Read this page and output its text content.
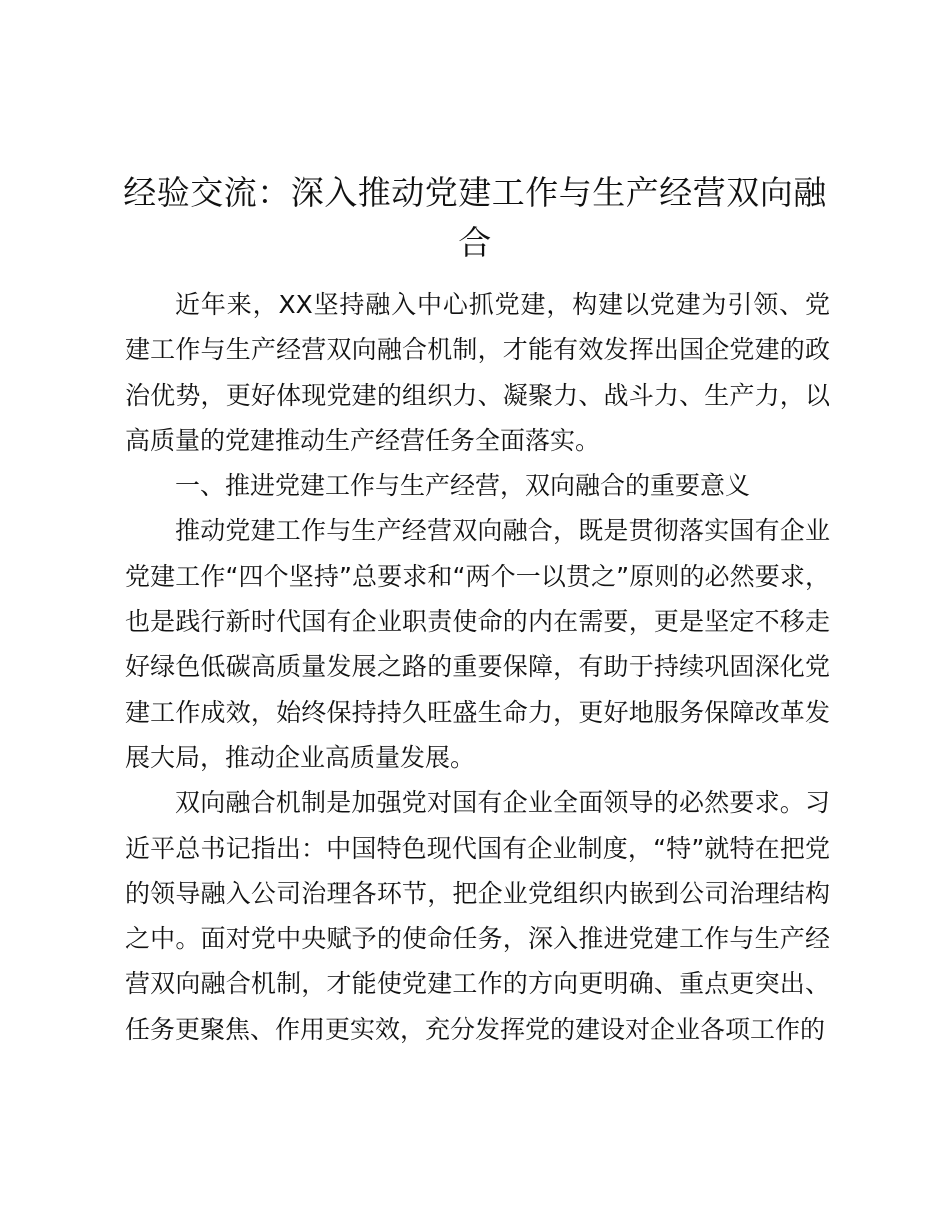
经验交流：深入推动党建工作与生产经营双向融合

近年来，XX坚持融入中心抓党建，构建以党建为引领、党建工作与生产经营双向融合机制，才能有效发挥出国企党建的政治优势，更好体现党建的组织力、凝聚力、战斗力、生产力，以高质量的党建推动生产经营任务全面落实。

一、推进党建工作与生产经营，双向融合的重要意义

推动党建工作与生产经营双向融合，既是贯彻落实国有企业党建工作“四个坚持”总要求和“两个一以贯之”原则的必然要求，也是践行新时代国有企业职责使命的内在需要，更是坚定不移走好绿色低碳高质量发展之路的重要保障，有助于持续巩固深化党建工作成效，始终保持持久旺盛生命力，更好地服务保障改革发展大局，推动企业高质量发展。

双向融合机制是加强党对国有企业全面领导的必然要求。习近平总书记指出：中国特色现代国有企业制度，“特”就特在把党的领导融入公司治理各环节，把企业党组织内嵌到公司治理结构之中。面对党中央赋予的使命任务，深入推进党建工作与生产经营双向融合机制，才能使党建工作的方向更明确、重点更突出、任务更聚焦、作用更实效，充分发挥党的建设对企业各项工作的
